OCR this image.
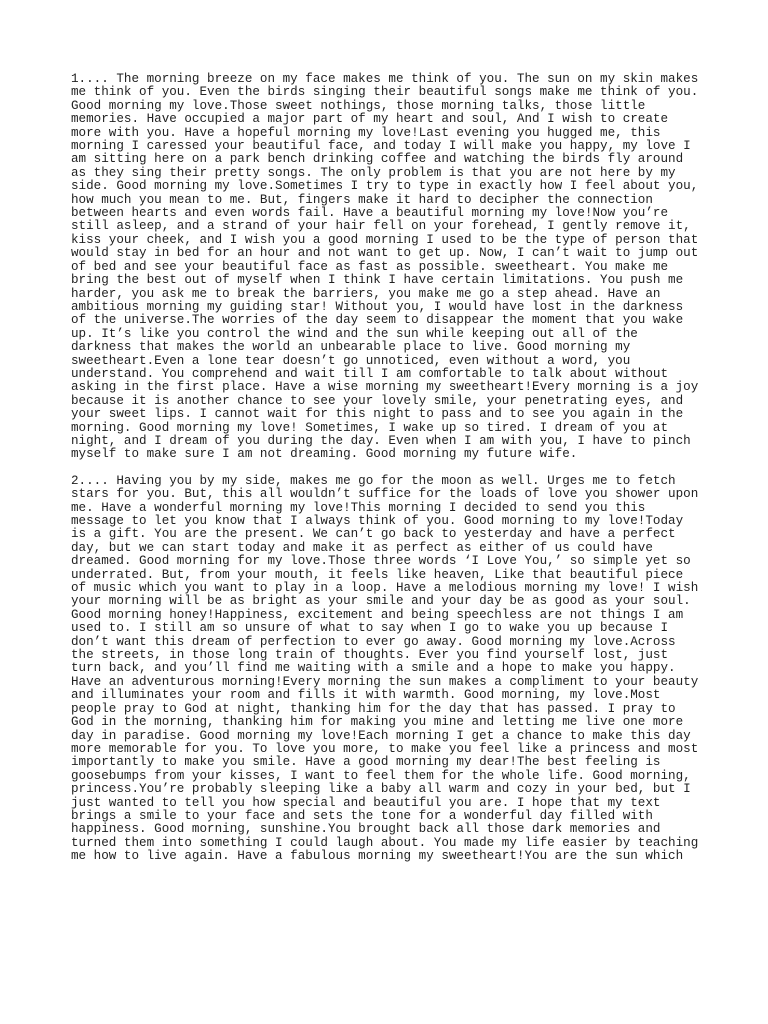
1.... The morning breeze on my face makes me think of you. The sun on my skin makes me think of you. Even the birds singing their beautiful songs make me think of you. Good morning my love.Those sweet nothings, those morning talks, those little memories. Have occupied a major part of my heart and soul, And I wish to create more with you. Have a hopeful morning my love!Last evening you hugged me, this morning I caressed your beautiful face, and today I will make you happy, my love I am sitting here on a park bench drinking coffee and watching the birds fly around as they sing their pretty songs. The only problem is that you are not here by my side. Good morning my love.Sometimes I try to type in exactly how I feel about you, how much you mean to me. But, fingers make it hard to decipher the connection between hearts and even words fail. Have a beautiful morning my love!Now you’re still asleep, and a strand of your hair fell on your forehead, I gently remove it, kiss your cheek, and I wish you a good morning I used to be the type of person that would stay in bed for an hour and not want to get up. Now, I can’t wait to jump out of bed and see your beautiful face as fast as possible. sweetheart. You make me bring the best out of myself when I think I have certain limitations. You push me harder, you ask me to break the barriers, you make me go a step ahead. Have an ambitious morning my guiding star! Without you, I would have lost in the darkness of the universe.The worries of the day seem to disappear the moment that you wake up. It’s like you control the wind and the sun while keeping out all of the darkness that makes the world an unbearable place to live. Good morning my sweetheart.Even a lone tear doesn’t go unnoticed, even without a word, you understand. You comprehend and wait till I am comfortable to talk about without asking in the first place. Have a wise morning my sweetheart!Every morning is a joy because it is another chance to see your lovely smile, your penetrating eyes, and your sweet lips. I cannot wait for this night to pass and to see you again in the morning. Good morning my love! Sometimes, I wake up so tired. I dream of you at night, and I dream of you during the day. Even when I am with you, I have to pinch myself to make sure I am not dreaming. Good morning my future wife.

2.... Having you by my side, makes me go for the moon as well. Urges me to fetch stars for you. But, this all wouldn’t suffice for the loads of love you shower upon me. Have a wonderful morning my love!This morning I decided to send you this message to let you know that I always think of you. Good morning to my love!Today is a gift. You are the present. We can’t go back to yesterday and have a perfect day, but we can start today and make it as perfect as either of us could have dreamed. Good morning for my love.Those three words ‘I Love You,’ so simple yet so underrated. But, from your mouth, it feels like heaven, Like that beautiful piece of music which you want to play in a loop. Have a melodious morning my love! I wish your morning will be as bright as your smile and your day be as good as your soul. Good morning honey!Happiness, excitement and being speechless are not things I am used to. I still am so unsure of what to say when I go to wake you up because I don’t want this dream of perfection to ever go away. Good morning my love.Across the streets, in those long train of thoughts. Ever you find yourself lost, just turn back, and you’ll find me waiting with a smile and a hope to make you happy. Have an adventurous morning!Every morning the sun makes a compliment to your beauty and illuminates your room and fills it with warmth. Good morning, my love.Most people pray to God at night, thanking him for the day that has passed. I pray to God in the morning, thanking him for making you mine and letting me live one more day in paradise. Good morning my love!Each morning I get a chance to make this day more memorable for you. To love you more, to make you feel like a princess and most importantly to make you smile. Have a good morning my dear!The best feeling is goosebumps from your kisses, I want to feel them for the whole life. Good morning, princess.You’re probably sleeping like a baby all warm and cozy in your bed, but I just wanted to tell you how special and beautiful you are. I hope that my text brings a smile to your face and sets the tone for a wonderful day filled with happiness. Good morning, sunshine.You brought back all those dark memories and turned them into something I could laugh about. You made my life easier by teaching me how to live again. Have a fabulous morning my sweetheart!You are the sun which
